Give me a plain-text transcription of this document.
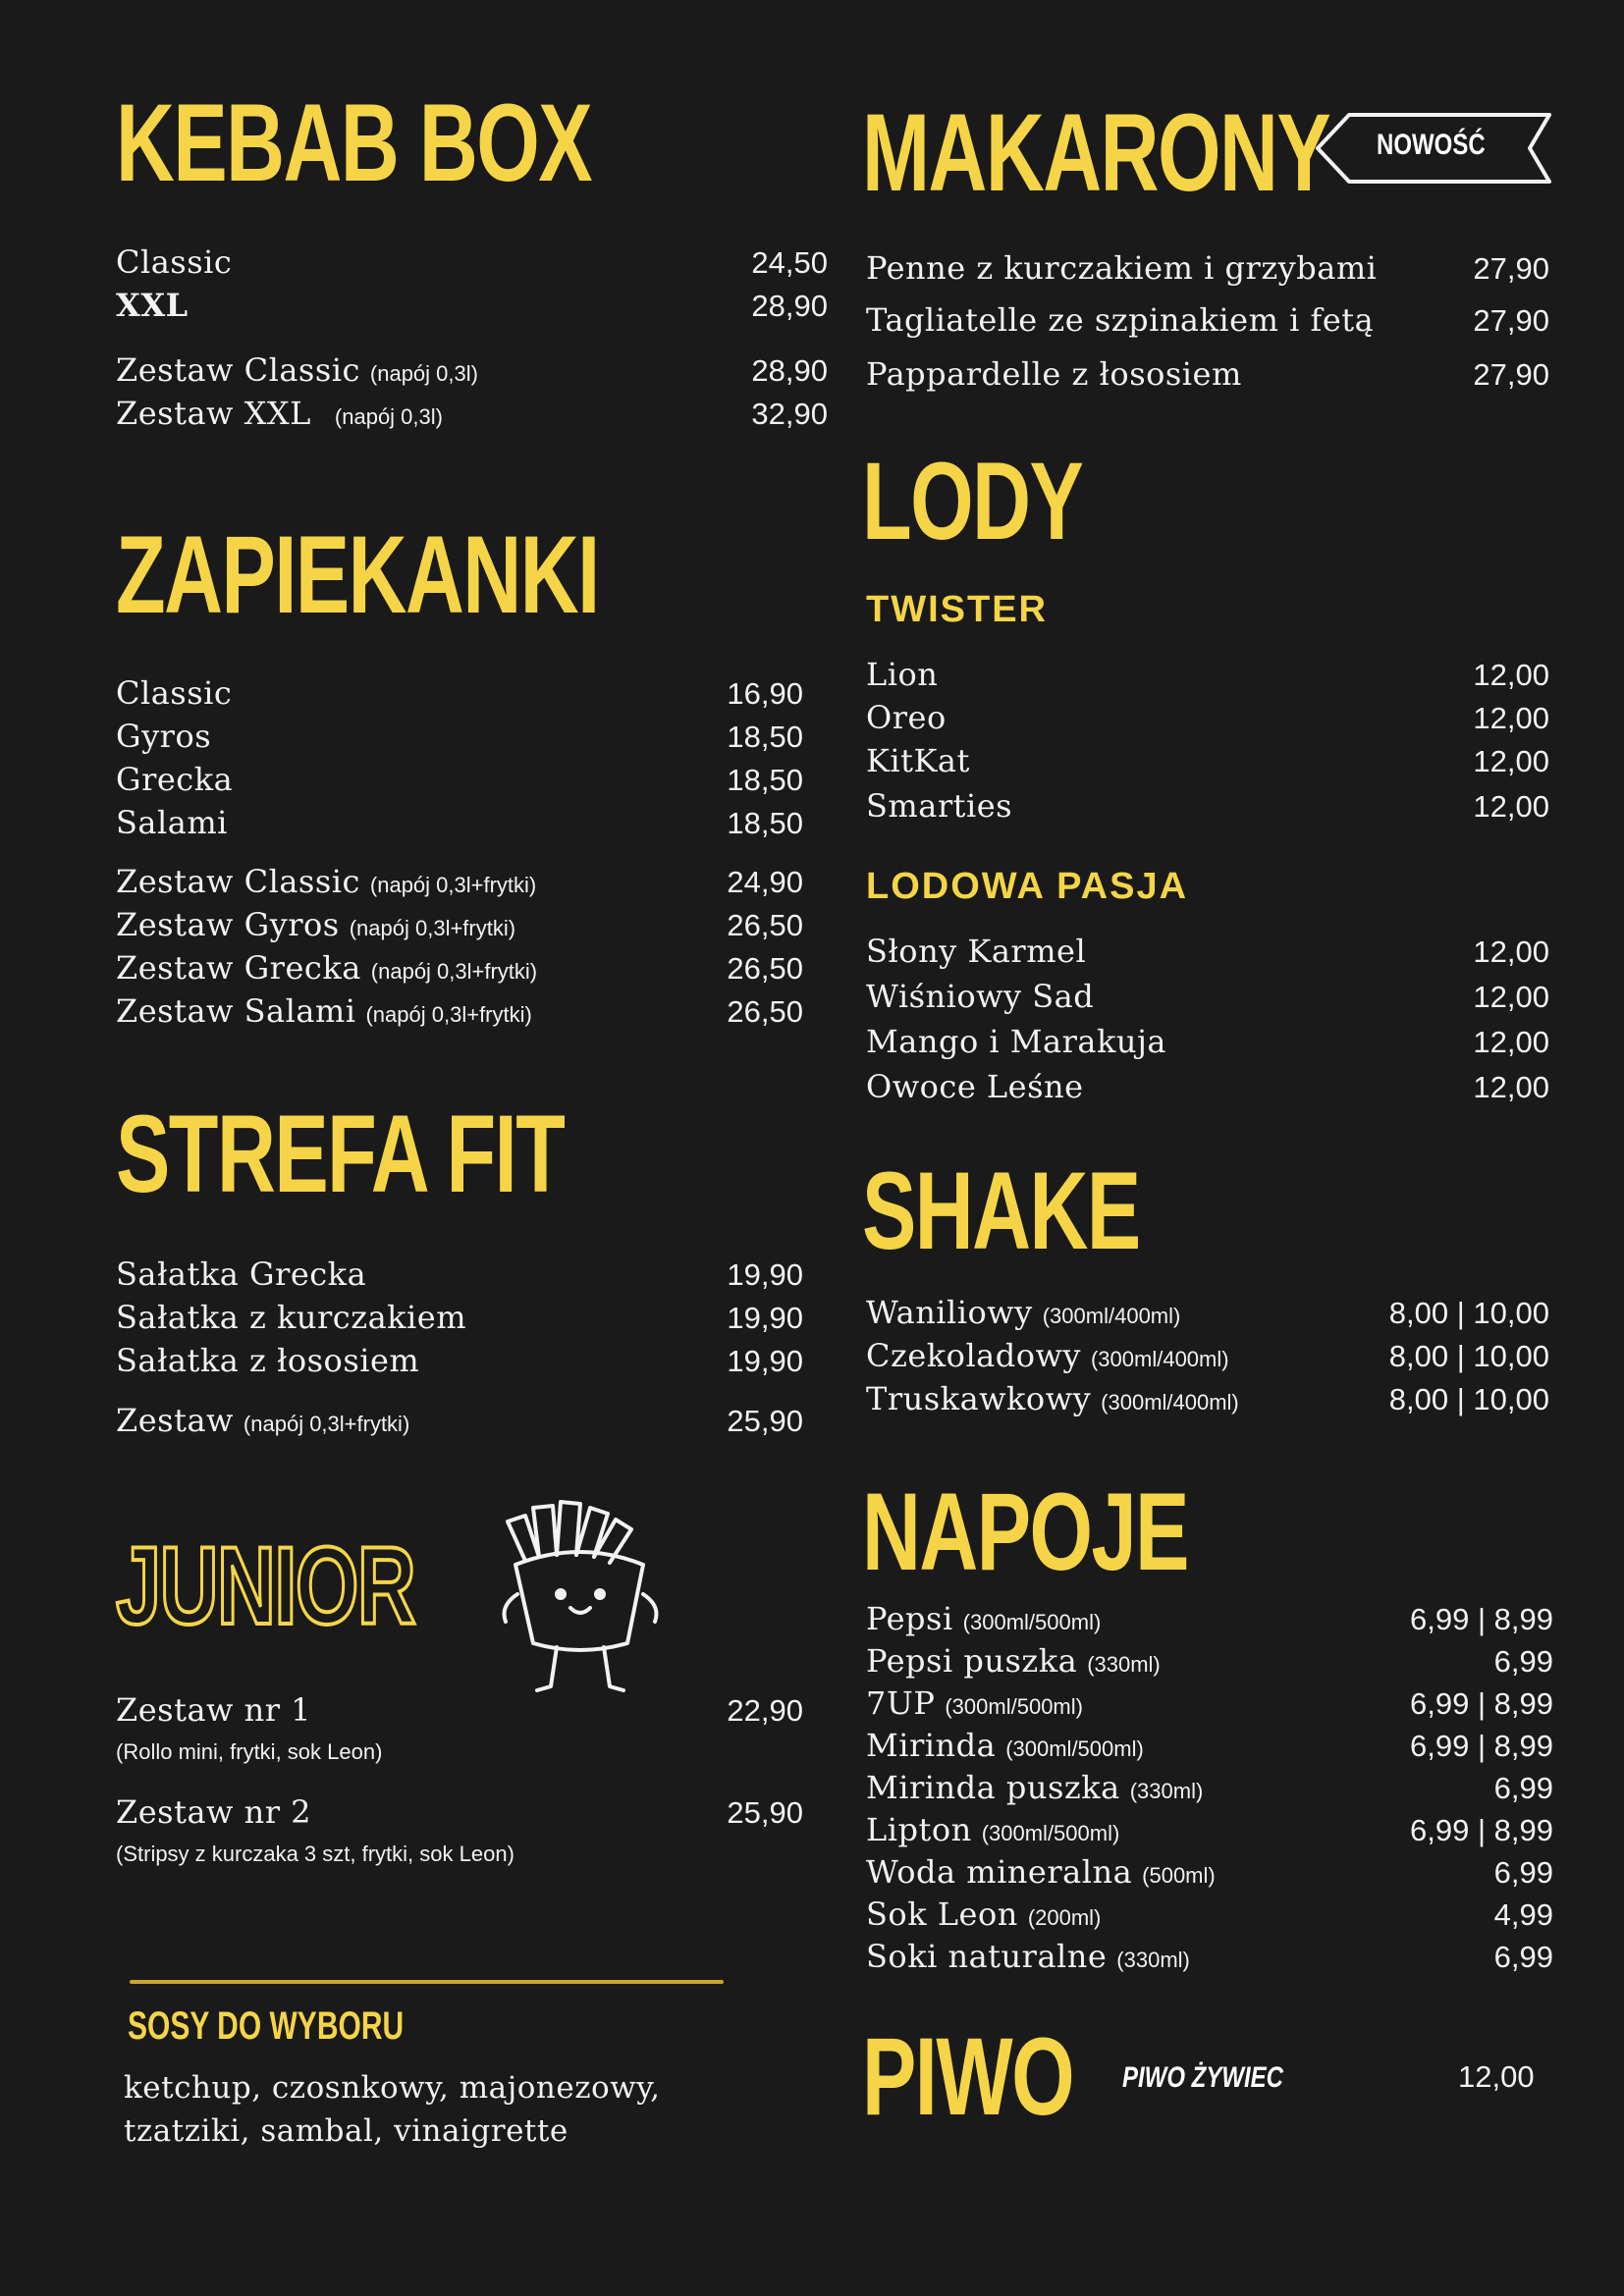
KEBAB BOX
Classic	24,50
XXL	28,90
Zestaw Classic (napój 0,3l)	28,90
Zestaw XXL (napój 0,3l)	32,90
ZAPIEKANKI
Classic	16,90
Gyros	18,50
Grecka	18,50
Salami	18,50
Zestaw Classic (napój 0,3l+frytki)	24,90
Zestaw Gyros (napój 0,3l+frytki)	26,50
Zestaw Grecka (napój 0,3l+frytki)	26,50
Zestaw Salami (napój 0,3l+frytki)	26,50
STREFA FIT
Sałatka Grecka	19,90
Sałatka z kurczakiem	19,90
Sałatka z łososiem	19,90
Zestaw (napój 0,3l+frytki)	25,90
JUNIOR
Zestaw nr 1	22,90
(Rollo mini, frytki, sok Leon)
Zestaw nr 2	25,90
(Stripsy z kurczaka 3 szt, frytki, sok Leon)
SOSY DO WYBORU
ketchup, czosnkowy, majonezowy,
tzatziki, sambal, vinaigrette
MAKARONY
Penne z kurczakiem i grzybami	27,90
Tagliatelle ze szpinakiem i fetą	27,90
Pappardelle z łososiem	27,90
LODY
TWISTER
Lion	12,00
Oreo	12,00
KitKat	12,00
Smarties	12,00
LODOWA PASJA
Słony Karmel	12,00
Wiśniowy Sad	12,00
Mango i Marakuja	12,00
Owoce Leśne	12,00
SHAKE
Waniliowy (300ml/400ml)	8,00 | 10,00
Czekoladowy (300ml/400ml)	8,00 | 10,00
Truskawkowy (300ml/400ml)	8,00 | 10,00
NAPOJE
Pepsi (300ml/500ml)	6,99 | 8,99
Pepsi puszka (330ml)	6,99
7UP (300ml/500ml)	6,99 | 8,99
Mirinda (300ml/500ml)	6,99 | 8,99
Mirinda puszka (330ml)	6,99
Lipton (300ml/500ml)	6,99 | 8,99
Woda mineralna (500ml)	6,99
Sok Leon (200ml)	4,99
Soki naturalne (330ml)	6,99
PIWO PIWO ŻYWIEC	12,00
NOWOŚĆ
